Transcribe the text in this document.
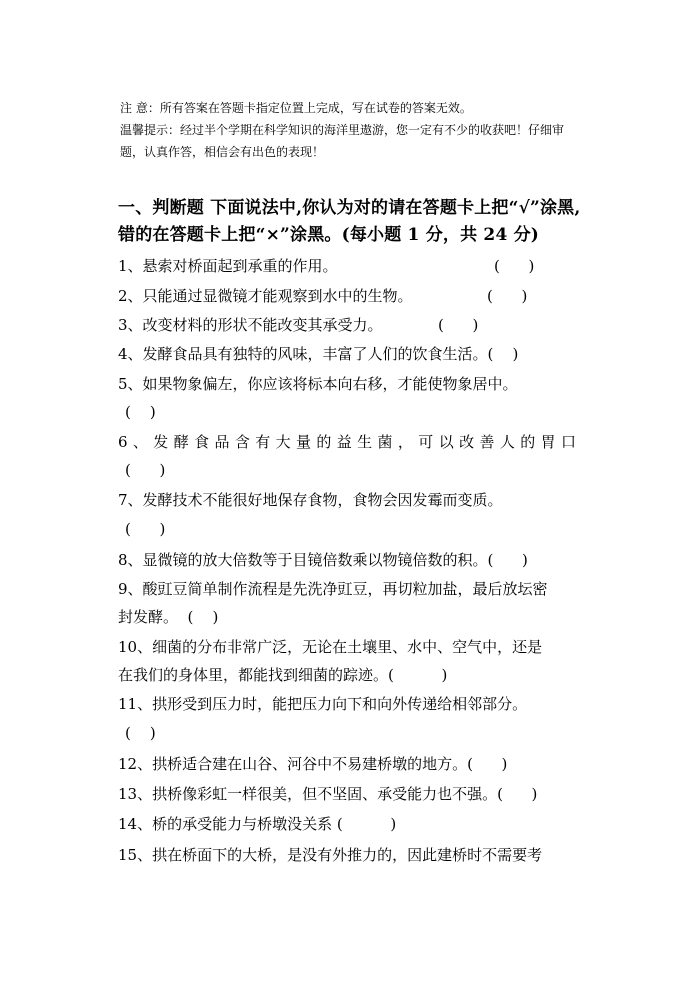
注 意：所有答案在答题卡指定位置上完成，写在试卷的答案无效。
温馨提示：经过半个学期在科学知识的海洋里遨游，您一定有不少的收获吧！仔细审
题，认真作答，相信会有出色的表现！
一、判断题 下面说法中,你认为对的请在答题卡上把“√”涂黑,
错的在答题卡上把“×”涂黑。(每小题 1 分，共 24 分)
1、悬索对桥面起到承重的作用。	(      )
2、只能通过显微镜才能观察到水中的生物。	(      )
3、改变材料的形状不能改变其承受力。	(      )
4、发酵食品具有独特的风味，丰富了人们的饮食生活。(    )
5、如果物象偏左，你应该将标本向右移，才能使物象居中。
(    )
6、发酵食品含有大量的益生菌，可以改善人的胃口
(      )
7、发酵技术不能很好地保存食物，食物会因发霉而变质。
(      )
8、显微镜的放大倍数等于目镜倍数乘以物镜倍数的积。(      )
9、酸豇豆简单制作流程是先洗净豇豆，再切粒加盐，最后放坛密
封发酵。  (    )
10、细菌的分布非常广泛，无论在土壤里、水中、空气中，还是
在我们的身体里，都能找到细菌的踪迹。(          )
11、拱形受到压力时，能把压力向下和向外传递给相邻部分。
(    )
12、拱桥适合建在山谷、河谷中不易建桥墩的地方。(      )
13、拱桥像彩虹一样很美，但不坚固、承受能力也不强。(      )
14、桥的承受能力与桥墩没关系 (          )
15、拱在桥面下的大桥，是没有外推力的，因此建桥时不需要考
